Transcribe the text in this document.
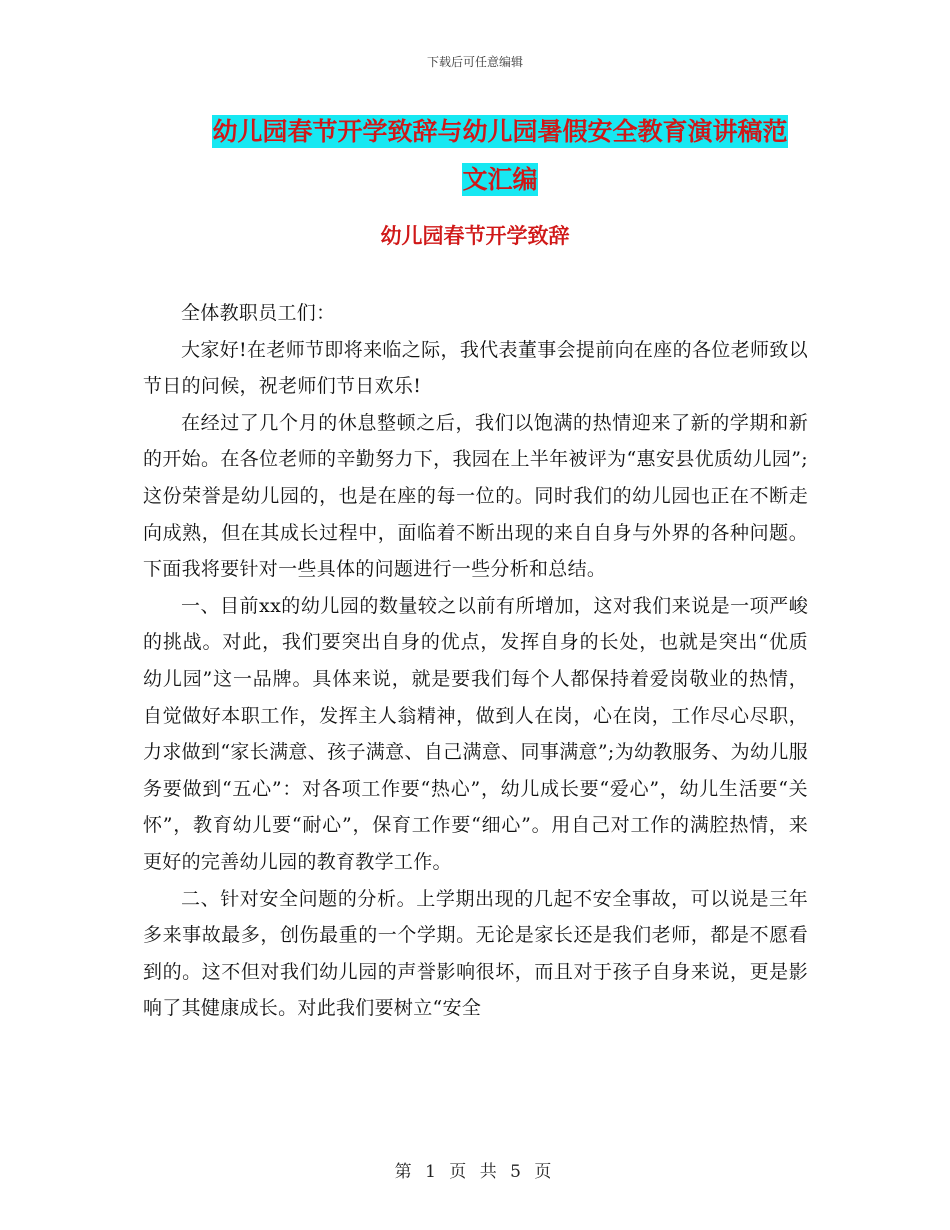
下载后可任意编辑
幼儿园春节开学致辞与幼儿园暑假安全教育演讲稿范
文汇编
幼儿园春节开学致辞

全体教职员工们：

大家好!在老师节即将来临之际，我代表董事会提前向在座的各位老师致以节日的问候，祝老师们节日欢乐!

在经过了几个月的休息整顿之后，我们以饱满的热情迎来了新的学期和新的开始。在各位老师的辛勤努力下，我园在上半年被评为“惠安县优质幼儿园”;这份荣誉是幼儿园的，也是在座的每一位的。同时我们的幼儿园也正在不断走向成熟，但在其成长过程中，面临着不断出现的来自自身与外界的各种问题。下面我将要针对一些具体的问题进行一些分析和总结。

一、目前xx的幼儿园的数量较之以前有所增加，这对我们来说是一项严峻的挑战。对此，我们要突出自身的优点，发挥自身的长处，也就是突出“优质幼儿园”这一品牌。具体来说，就是要我们每个人都保持着爱岗敬业的热情，自觉做好本职工作，发挥主人翁精神，做到人在岗，心在岗，工作尽心尽职，力求做到“家长满意、孩子满意、自己满意、同事满意”;为幼教服务、为幼儿服务要做到“五心”：对各项工作要“热心”，幼儿成长要“爱心”，幼儿生活要“关怀”，教育幼儿要“耐心”，保育工作要“细心”。用自己对工作的满腔热情，来更好的完善幼儿园的教育教学工作。

二、针对安全问题的分析。上学期出现的几起不安全事故，可以说是三年多来事故最多，创伤最重的一个学期。无论是家长还是我们老师，都是不愿看到的。这不但对我们幼儿园的声誉影响很坏，而且对于孩子自身来说，更是影响了其健康成长。对此我们要树立“安全

第 1 页 共 5 页
